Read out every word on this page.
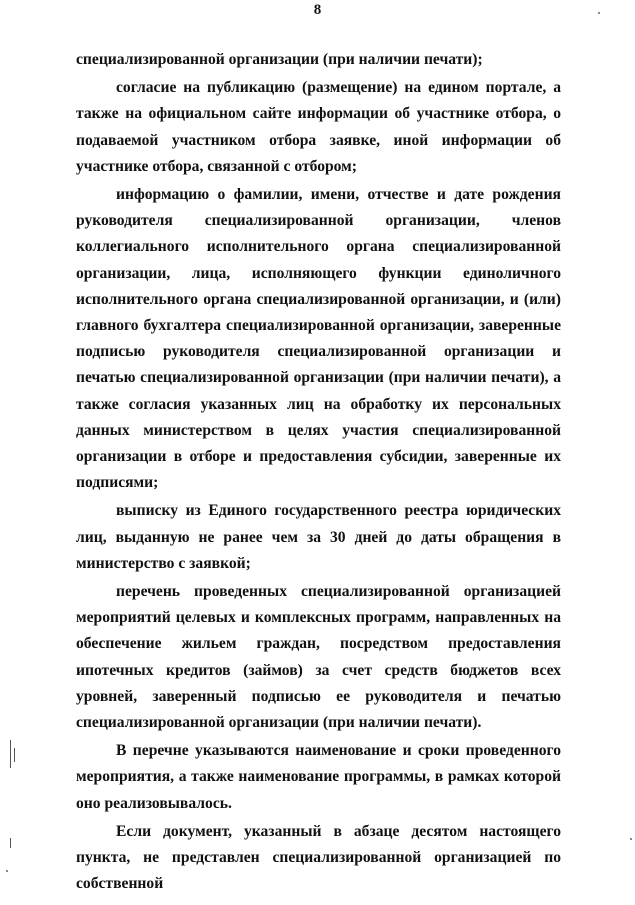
8

специализированной организации (при наличии печати);

согласие на публикацию (размещение) на едином портале, а также на официальном сайте информации об участнике отбора, о подаваемой участником отбора заявке, иной информации об участнике отбора, связанной с отбором;

информацию о фамилии, имени, отчестве и дате рождения руководителя специализированной организации, членов коллегиального исполнительного органа специализированной организации, лица, исполняющего функции единоличного исполнительного органа специализированной организации, и (или) главного бухгалтера специализированной организации, заверенные подписью руководителя специализированной организации и печатью специализированной организации (при наличии печати), а также согласия указанных лиц на обработку их персональных данных министерством в целях участия специализированной организации в отборе и предоставления субсидии, заверенные их подписями;

выписку из Единого государственного реестра юридических лиц, выданную не ранее чем за 30 дней до даты обращения в министерство с заявкой;

перечень проведенных специализированной организацией мероприятий целевых и комплексных программ, направленных на обеспечение жильем граждан, посредством предоставления ипотечных кредитов (займов) за счет средств бюджетов всех уровней, заверенный подписью ее руководителя и печатью специализированной организации (при наличии печати).

В перечне указываются наименование и сроки проведенного мероприятия, а также наименование программы, в рамках которой оно реализовывалось.

Если документ, указанный в абзаце десятом настоящего пункта, не представлен специализированной организацией по собственной
